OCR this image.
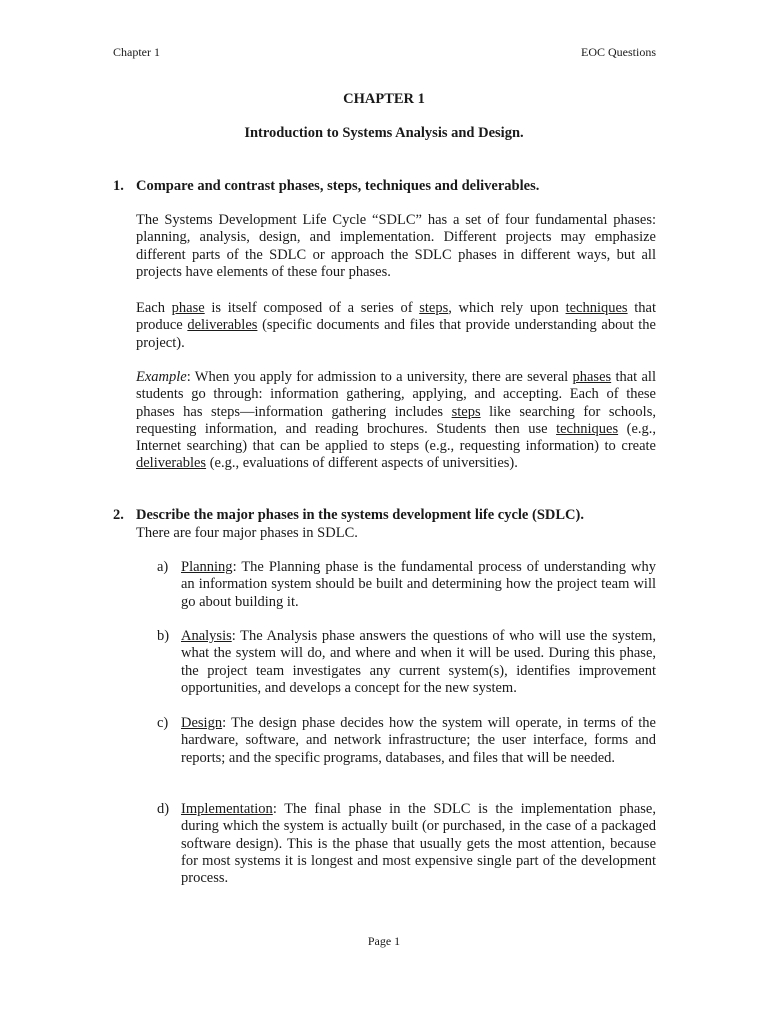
Chapter 1	EOC Questions
CHAPTER 1
Introduction to Systems Analysis and Design.
1. Compare and contrast phases, steps, techniques and deliverables.

The Systems Development Life Cycle “SDLC” has a set of four fundamental phases: planning, analysis, design, and implementation. Different projects may emphasize different parts of the SDLC or approach the SDLC phases in different ways, but all projects have elements of these four phases.

Each phase is itself composed of a series of steps, which rely upon techniques that produce deliverables (specific documents and files that provide understanding about the project).

Example: When you apply for admission to a university, there are several phases that all students go through: information gathering, applying, and accepting. Each of these phases has steps—information gathering includes steps like searching for schools, requesting information, and reading brochures. Students then use techniques (e.g., Internet searching) that can be applied to steps (e.g., requesting information) to create deliverables (e.g., evaluations of different aspects of universities).

2. Describe the major phases in the systems development life cycle (SDLC).
There are four major phases in SDLC.
a) Planning: The Planning phase is the fundamental process of understanding why an information system should be built and determining how the project team will go about building it.

b) Analysis: The Analysis phase answers the questions of who will use the system, what the system will do, and where and when it will be used. During this phase, the project team investigates any current system(s), identifies improvement opportunities, and develops a concept for the new system.

c) Design: The design phase decides how the system will operate, in terms of the hardware, software, and network infrastructure; the user interface, forms and reports; and the specific programs, databases, and files that will be needed.

d) Implementation: The final phase in the SDLC is the implementation phase, during which the system is actually built (or purchased, in the case of a packaged software design). This is the phase that usually gets the most attention, because for most systems it is longest and most expensive single part of the development process.

Page 1
